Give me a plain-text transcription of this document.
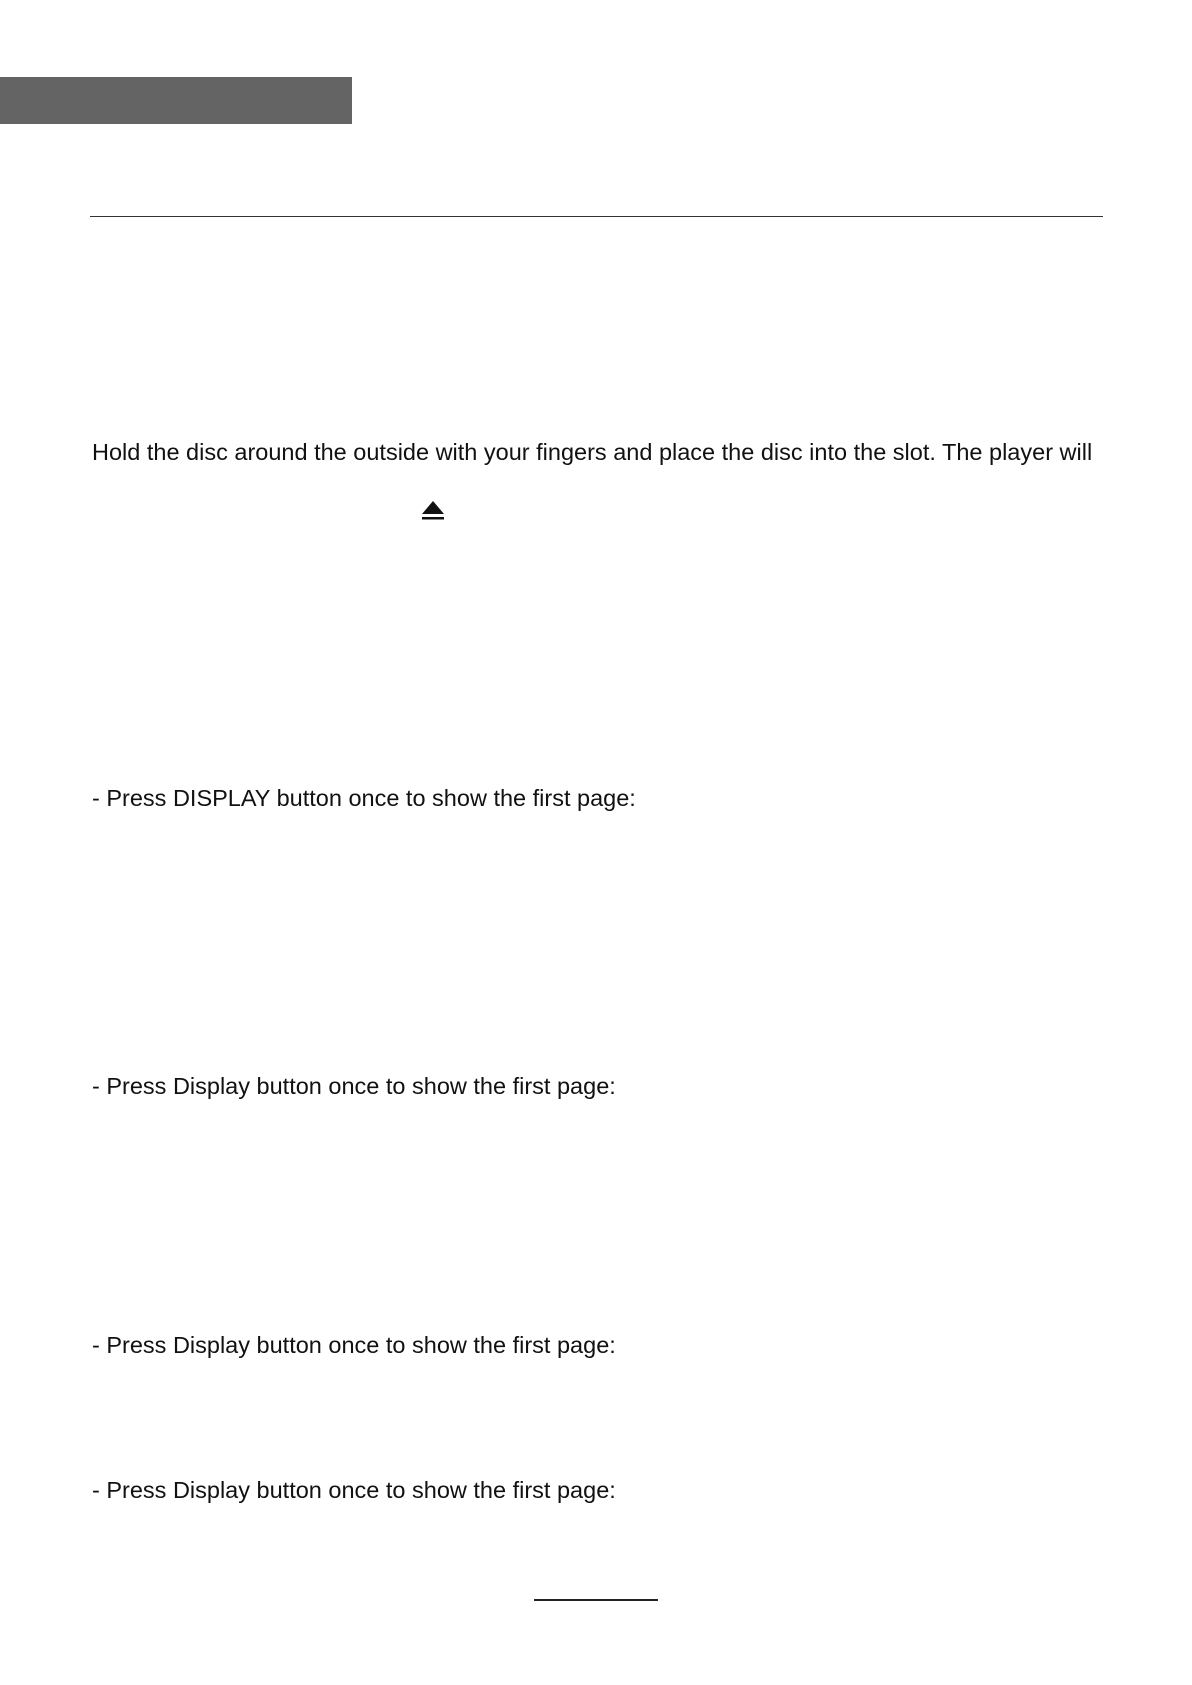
Hold the disc around the outside with your fingers and place the disc into the slot. The player will
- Press DISPLAY button once to show the first page:
- Press Display button once to show the first page:
- Press Display button once to show the first page:
- Press Display button once to show the first page:
